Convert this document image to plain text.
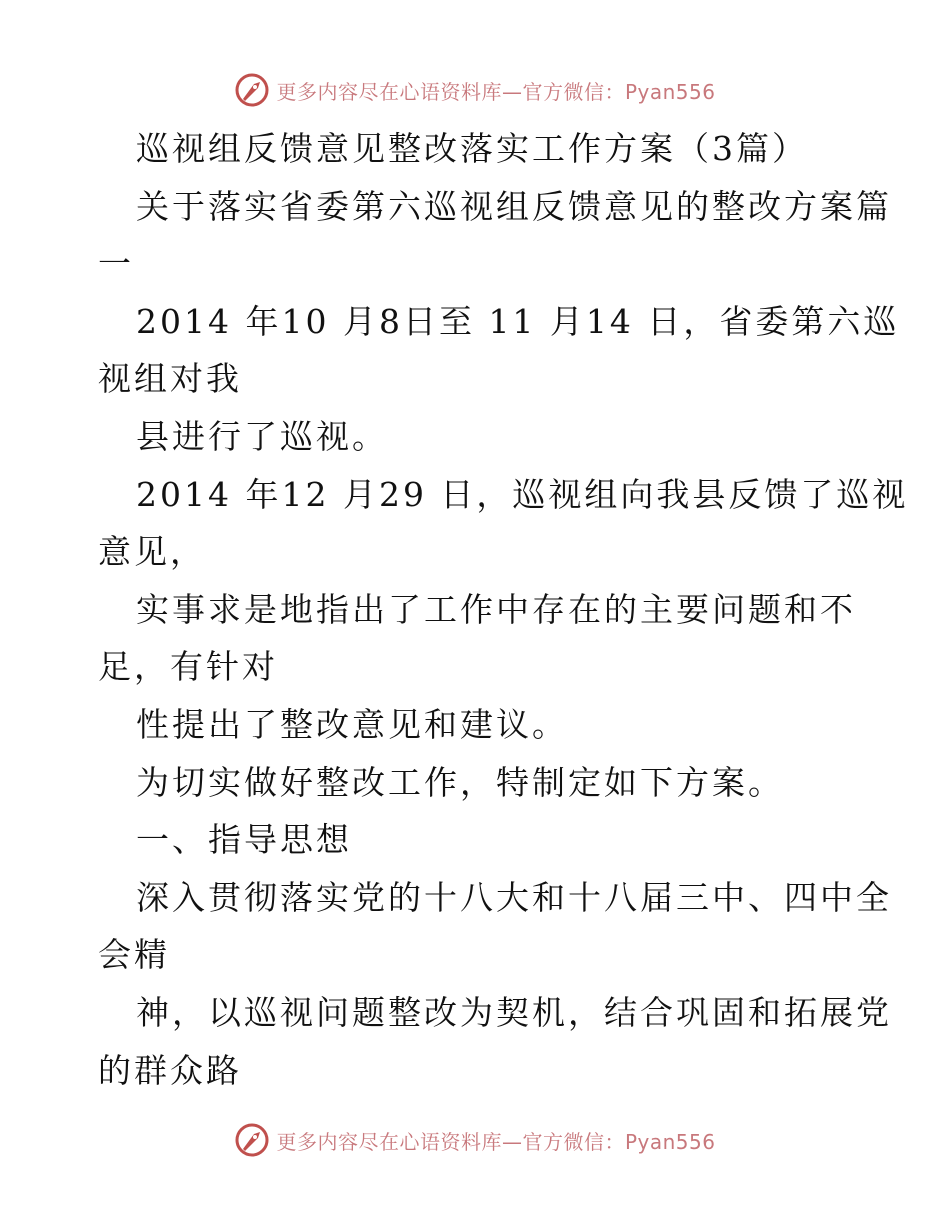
更多内容尽在心语资料库—官方微信：Pyan556
巡视组反馈意见整改落实工作方案（3篇）
关于落实省委第六巡视组反馈意见的整改方案篇
一
2014 年10 月8日至 11 月14 日，省委第六巡
视组对我
县进行了巡视。
2014 年12 月29 日，巡视组向我县反馈了巡视
意见，
实事求是地指出了工作中存在的主要问题和不
足，有针对
性提出了整改意见和建议。
为切实做好整改工作，特制定如下方案。
一、指导思想
深入贯彻落实党的十八大和十八届三中、四中全
会精
神，以巡视问题整改为契机，结合巩固和拓展党
的群众路
更多内容尽在心语资料库—官方微信：Pyan556
